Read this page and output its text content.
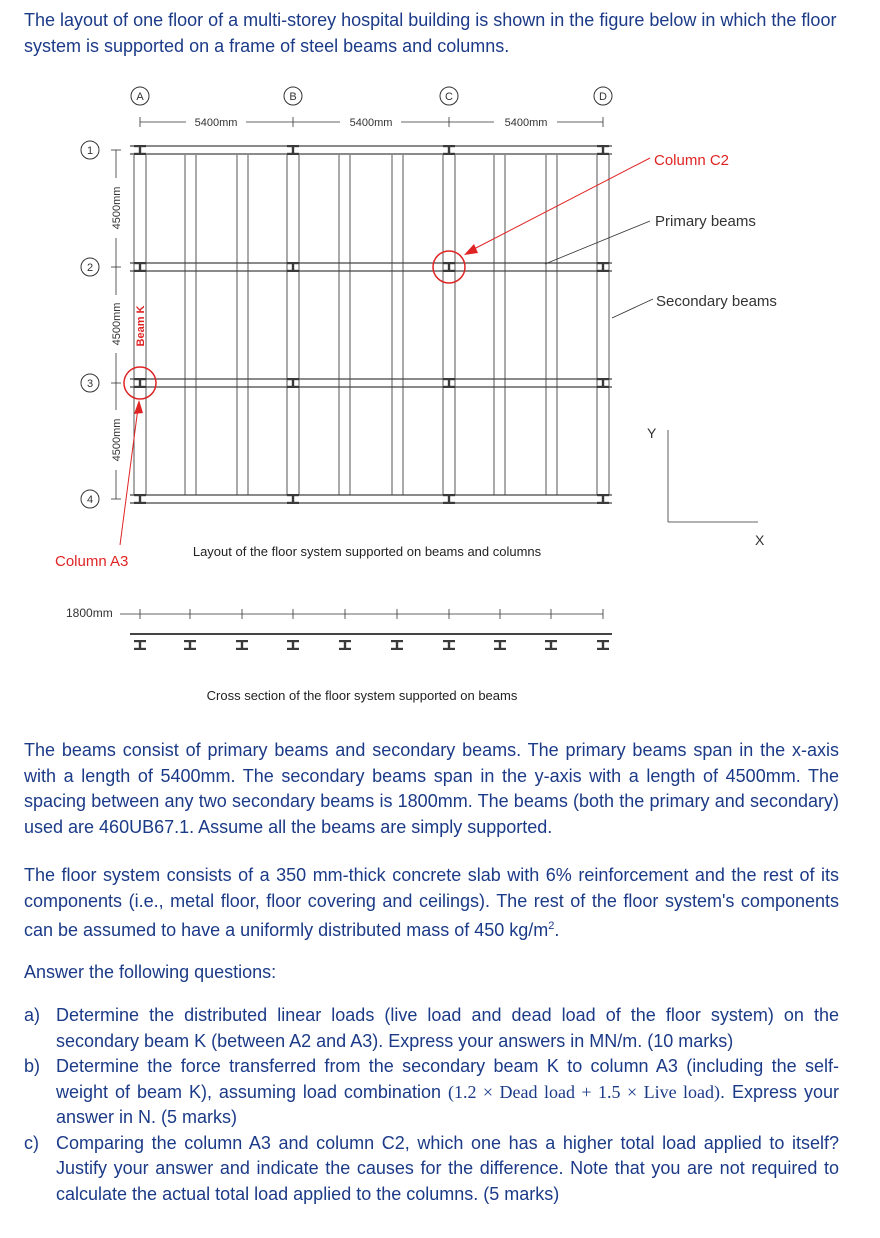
The layout of one floor of a multi-storey hospital building is shown in the figure below in which the floor system is supported on a frame of steel beams and columns.

A	B	C	D
5400mm	5400mm	5400mm
1
2
3
4
4500mm
4500mm
4500mm
Beam K
Column C2
Column A3
Primary beams
Secondary beams
Y
X
Layout of the floor system supported on beams and columns
1800mm
Cross section of the floor system supported on beams

The beams consist of primary beams and secondary beams. The primary beams span in the x-axis with a length of 5400mm. The secondary beams span in the y-axis with a length of 4500mm. The spacing between any two secondary beams is 1800mm. The beams (both the primary and secondary) used are 460UB67.1. Assume all the beams are simply supported.

The floor system consists of a 350 mm-thick concrete slab with 6% reinforcement and the rest of its components (i.e., metal floor, floor covering and ceilings). The rest of the floor system's components can be assumed to have a uniformly distributed mass of 450 $kg/m^2$.

Answer the following questions:

a) Determine the distributed linear loads (live load and dead load of the floor system) on the secondary beam K (between A2 and A3). Express your answers in MN/m. (10 marks)
b) Determine the force transferred from the secondary beam K to column A3 (including the self-weight of beam K), assuming load combination (1.2 × Dead load + 1.5 × Live load). Express your answer in N. (5 marks)
c) Comparing the column A3 and column C2, which one has a higher total load applied to itself? Justify your answer and indicate the causes for the difference. Note that you are not required to calculate the actual total load applied to the columns. (5 marks)
